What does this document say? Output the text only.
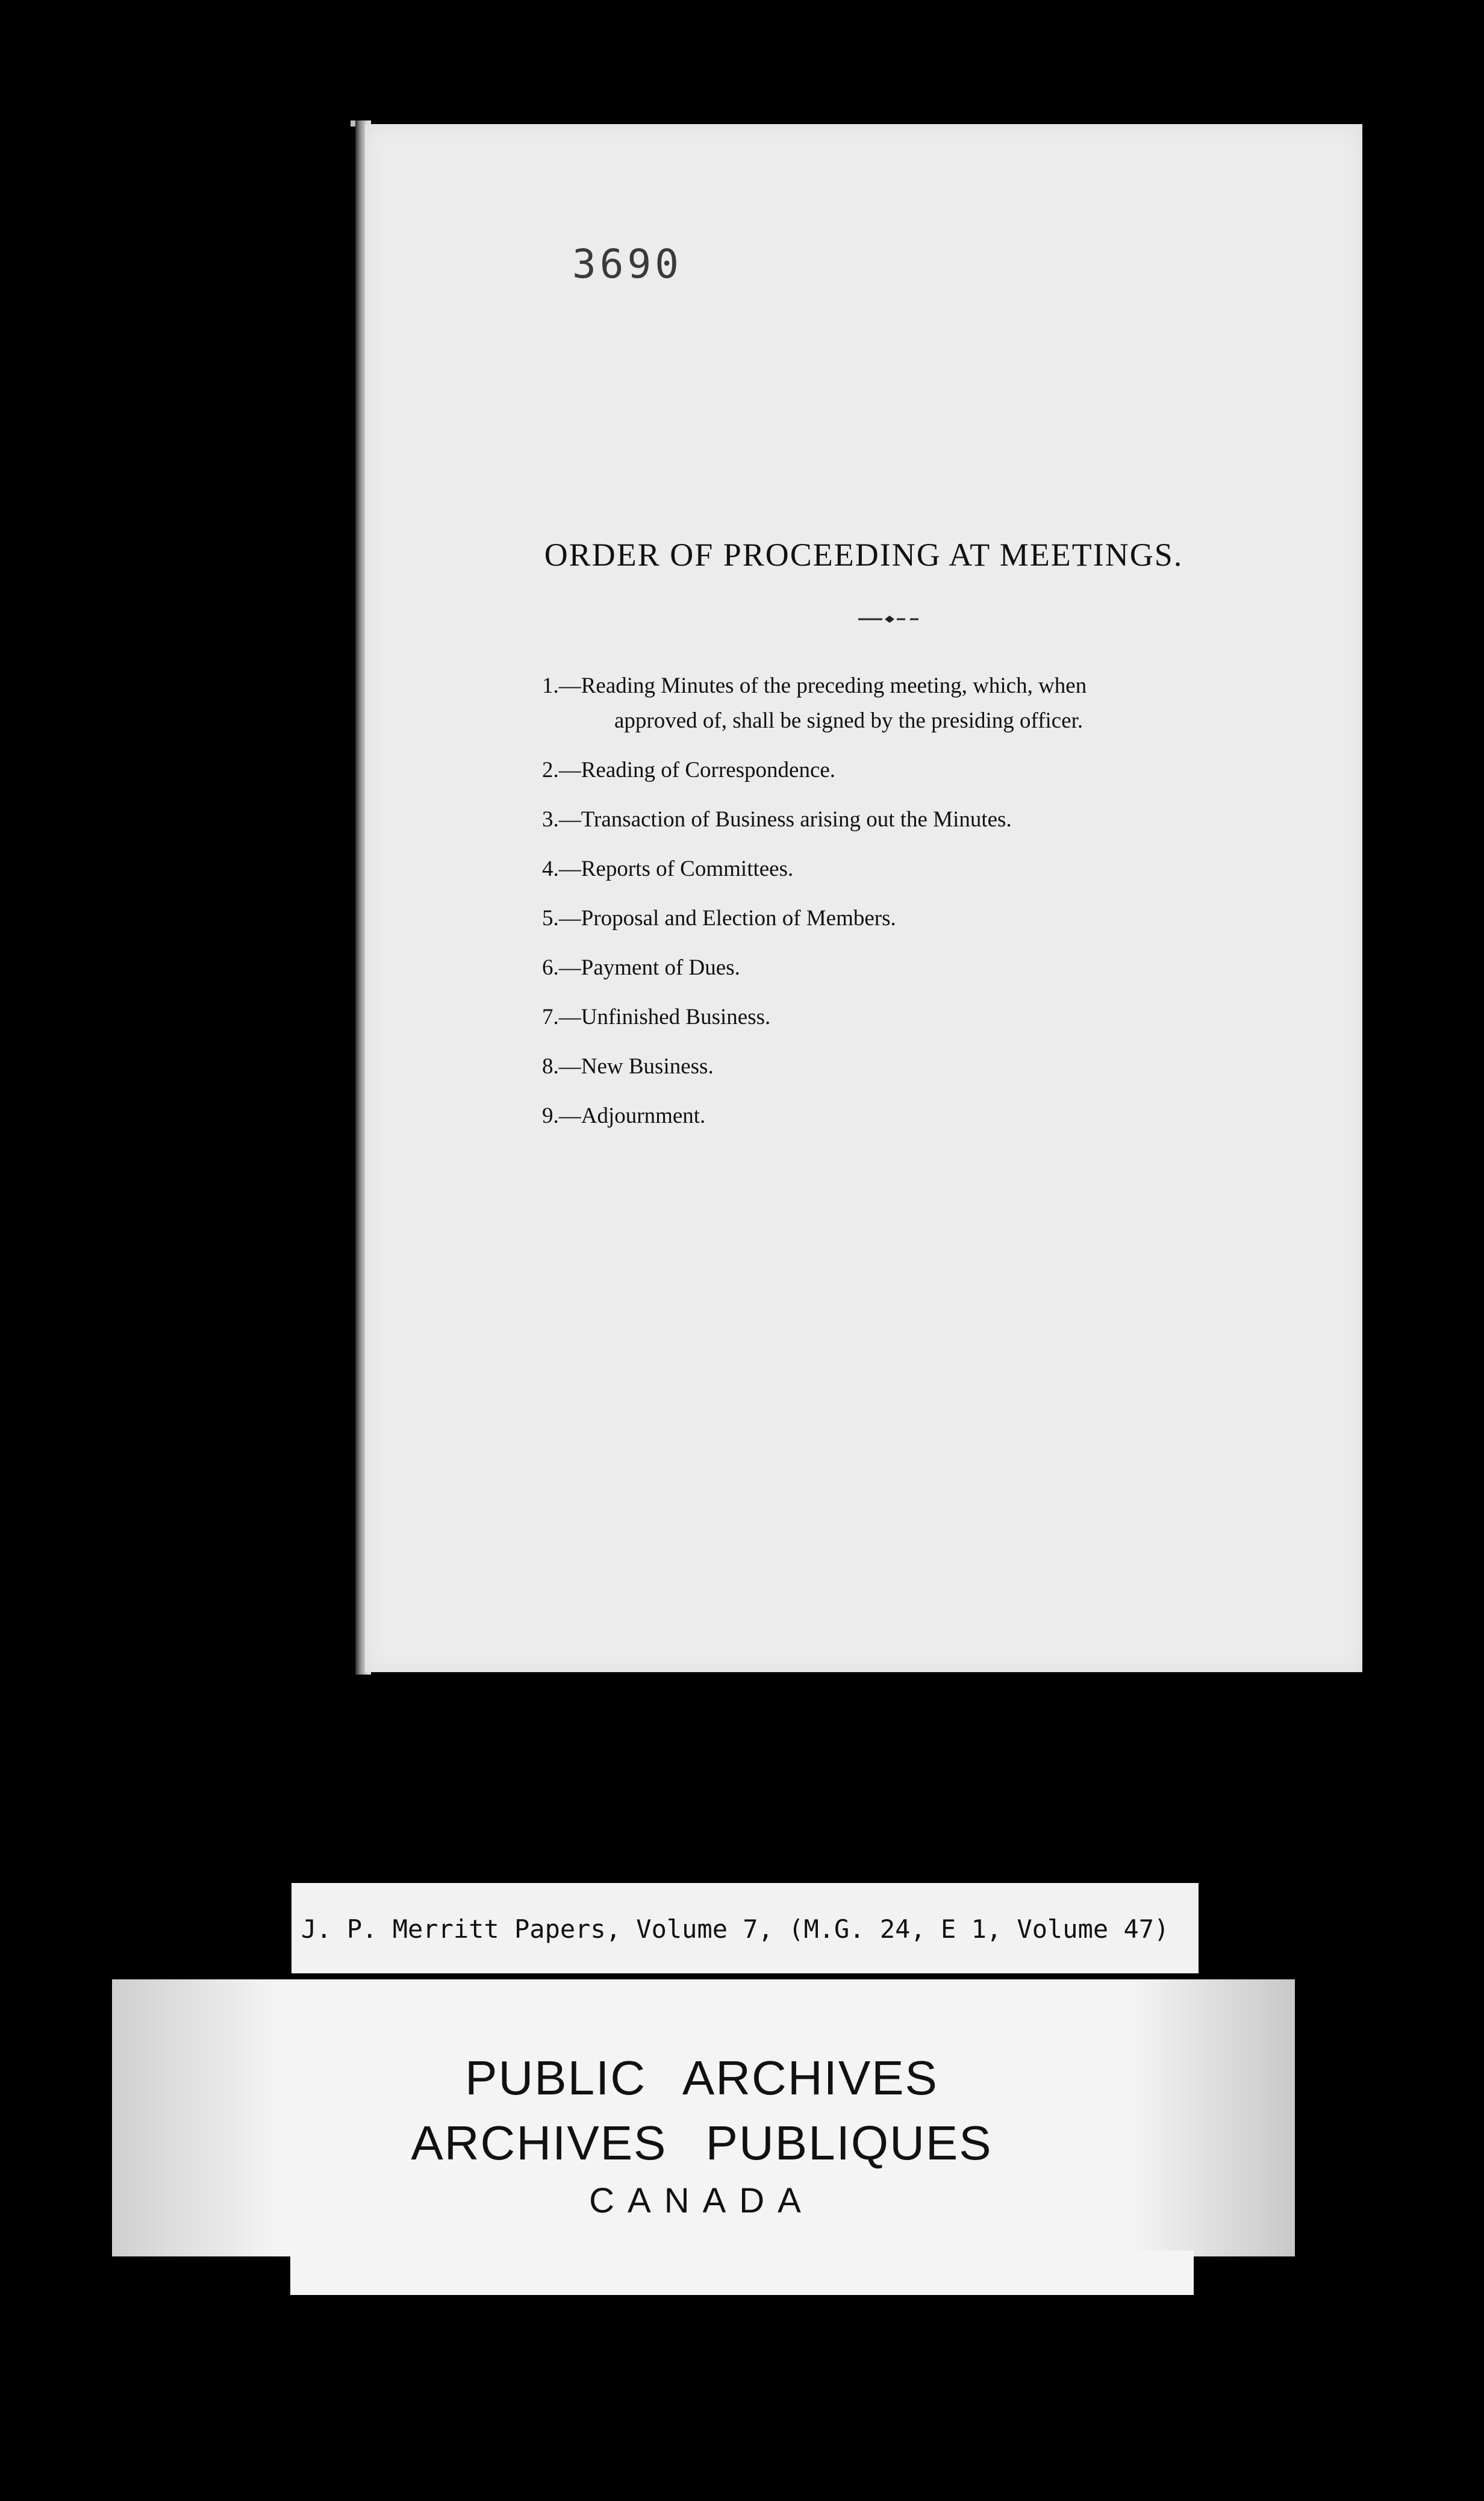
3690
ORDER OF PROCEEDING AT MEETINGS.
1.—Reading Minutes of the preceding meeting, which, when
approved of, shall be signed by the presiding officer.
2.—Reading of Correspondence.
3.—Transaction of Business arising out the Minutes.
4.—Reports of Committees.
5.—Proposal and Election of Members.
6.—Payment of Dues.
7.—Unfinished Business.
8.—New Business.
9.—Adjournment.
J. P. Merritt Papers, Volume 7, (M.G. 24, E 1, Volume 47)
PUBLIC ARCHIVES
ARCHIVES PUBLIQUES
CANADA
